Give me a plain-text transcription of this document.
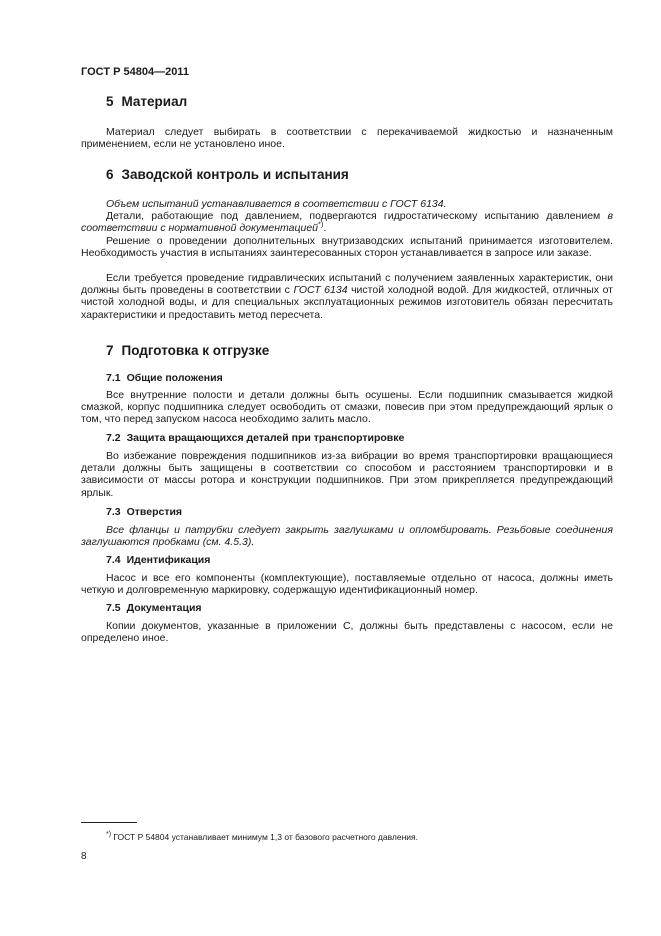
ГОСТ Р 54804—2011
5 Материал
Материал следует выбирать в соответствии с перекачиваемой жидкостью и назначенным применением, если не установлено иное.
6 Заводской контроль и испытания
Объем испытаний устанавливается в соответствии с ГОСТ 6134.
Детали, работающие под давлением, подвергаются гидростатическому испытанию давлением в соответствии с нормативной документацией*).
Решение о проведении дополнительных внутризаводских испытаний принимается изготовителем. Необходимость участия в испытаниях заинтересованных сторон устанавливается в запросе или заказе.
Если требуется проведение гидравлических испытаний с получением заявленных характеристик, они должны быть проведены в соответствии с ГОСТ 6134 чистой холодной водой. Для жидкостей, отличных от чистой холодной воды, и для специальных эксплуатационных режимов изготовитель обязан пересчитать характеристики и предоставить метод пересчета.
7 Подготовка к отгрузке
7.1 Общие положения
Все внутренние полости и детали должны быть осушены. Если подшипник смазывается жидкой смазкой, корпус подшипника следует освободить от смазки, повесив при этом предупреждающий ярлык о том, что перед запуском насоса необходимо залить масло.
7.2 Защита вращающихся деталей при транспортировке
Во избежание повреждения подшипников из-за вибрации во время транспортировки вращающиеся детали должны быть защищены в соответствии со способом и расстоянием транспортировки и в зависимости от массы ротора и конструкции подшипников. При этом прикрепляется предупреждающий ярлык.
7.3 Отверстия
Все фланцы и патрубки следует закрыть заглушками и опломбировать. Резьбовые соединения заглушаются пробками (см. 4.5.3).
7.4 Идентификация
Насос и все его компоненты (комплектующие), поставляемые отдельно от насоса, должны иметь четкую и долговременную маркировку, содержащую идентификационный номер.
7.5 Документация
Копии документов, указанные в приложении С, должны быть представлены с насосом, если не определено иное.
*) ГОСТ Р 54804 устанавливает минимум 1,3 от базового расчетного давления.
8
